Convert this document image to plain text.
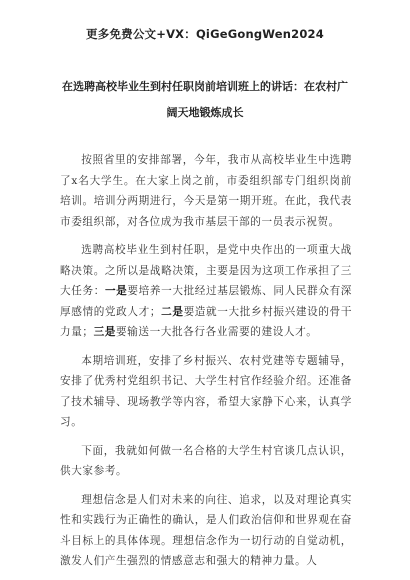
更多免费公文+VX：QiGeGongWen2024
在选聘高校毕业生到村任职岗前培训班上的讲话：在农村广阔天地锻炼成长

按照省里的安排部署，今年，我市从高校毕业生中选聘了x名大学生。在大家上岗之前，市委组织部专门组织岗前培训。培训分两期进行，今天是第一期开班。在此，我代表市委组织部，对各位成为我市基层干部的一员表示祝贺。

选聘高校毕业生到村任职，是党中央作出的一项重大战略决策。之所以是战略决策，主要是因为这项工作承担了三大任务：一是要培养一大批经过基层锻炼、同人民群众有深厚感情的党政人才；二是要造就一大批乡村振兴建设的骨干力量；三是要输送一大批各行各业需要的建设人才。

本期培训班，安排了乡村振兴、农村党建等专题辅导，安排了优秀村党组织书记、大学生村官作经验介绍。还准备了技术辅导、现场教学等内容，希望大家静下心来，认真学习。

下面，我就如何做一名合格的大学生村官谈几点认识，供大家参考。

理想信念是人们对未来的向往、追求，以及对理论真实性和实践行为正确性的确认，是人们政治信仰和世界观在奋斗目标上的具体体现。理想信念作为一切行动的自觉动机，激发人们产生强烈的情感意志和强大的精神力量。人
